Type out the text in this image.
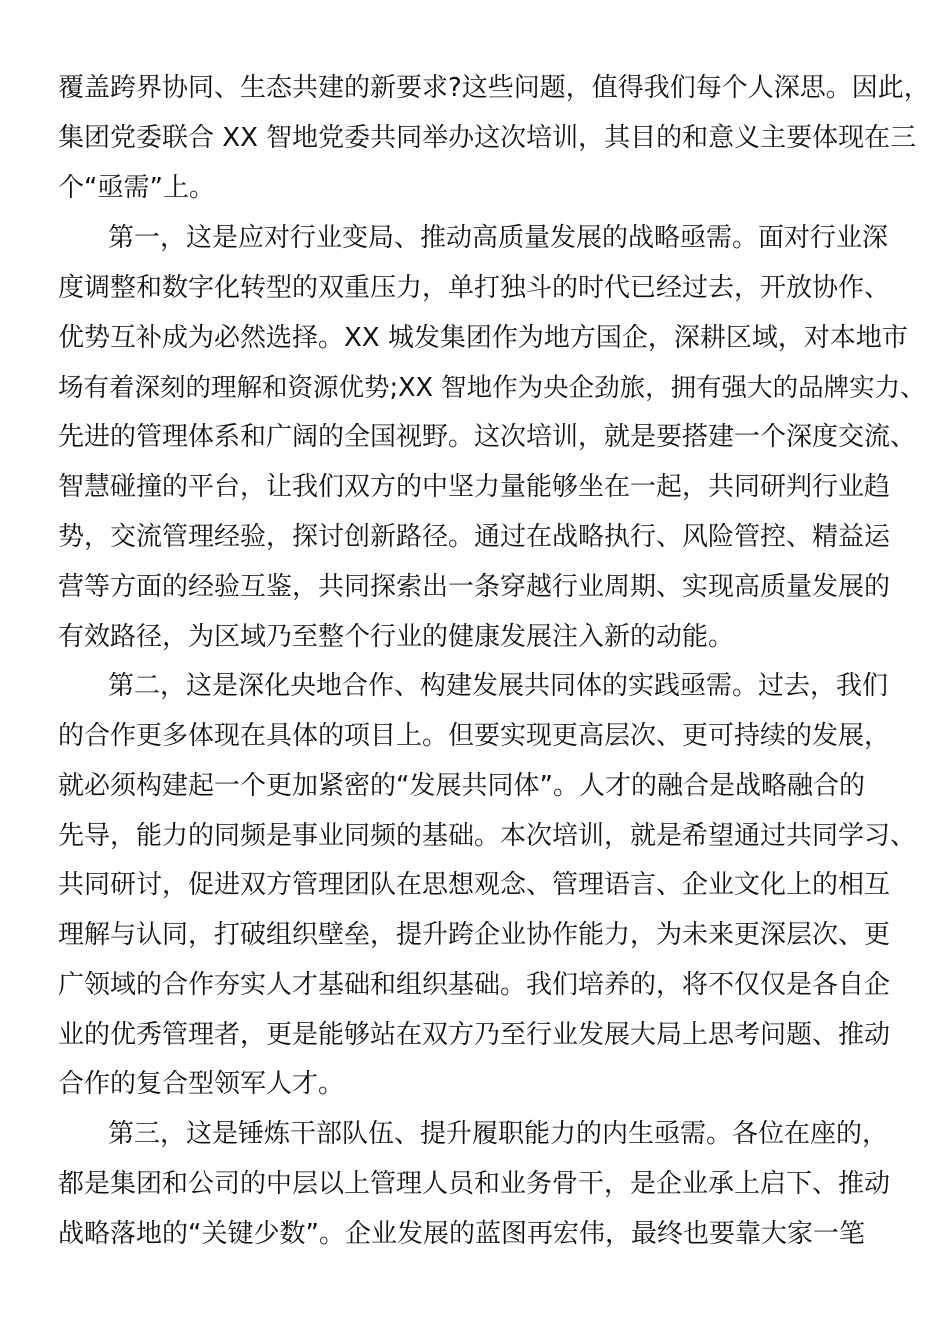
覆盖跨界协同、生态共建的新要求?这些问题，值得我们每个人深思。因此，
集团党委联合 XX 智地党委共同举办这次培训，其目的和意义主要体现在三
个“亟需”上。
第一，这是应对行业变局、推动高质量发展的战略亟需。面对行业深
度调整和数字化转型的双重压力，单打独斗的时代已经过去，开放协作、
优势互补成为必然选择。XX 城发集团作为地方国企，深耕区域，对本地市
场有着深刻的理解和资源优势;XX 智地作为央企劲旅，拥有强大的品牌实力、
先进的管理体系和广阔的全国视野。这次培训，就是要搭建一个深度交流、
智慧碰撞的平台，让我们双方的中坚力量能够坐在一起，共同研判行业趋
势，交流管理经验，探讨创新路径。通过在战略执行、风险管控、精益运
营等方面的经验互鉴，共同探索出一条穿越行业周期、实现高质量发展的
有效路径，为区域乃至整个行业的健康发展注入新的动能。
第二，这是深化央地合作、构建发展共同体的实践亟需。过去，我们
的合作更多体现在具体的项目上。但要实现更高层次、更可持续的发展，
就必须构建起一个更加紧密的“发展共同体”。人才的融合是战略融合的
先导，能力的同频是事业同频的基础。本次培训，就是希望通过共同学习、
共同研讨，促进双方管理团队在思想观念、管理语言、企业文化上的相互
理解与认同，打破组织壁垒，提升跨企业协作能力，为未来更深层次、更
广领域的合作夯实人才基础和组织基础。我们培养的，将不仅仅是各自企
业的优秀管理者，更是能够站在双方乃至行业发展大局上思考问题、推动
合作的复合型领军人才。
第三，这是锤炼干部队伍、提升履职能力的内生亟需。各位在座的，
都是集团和公司的中层以上管理人员和业务骨干，是企业承上启下、推动
战略落地的“关键少数”。企业发展的蓝图再宏伟，最终也要靠大家一笔
